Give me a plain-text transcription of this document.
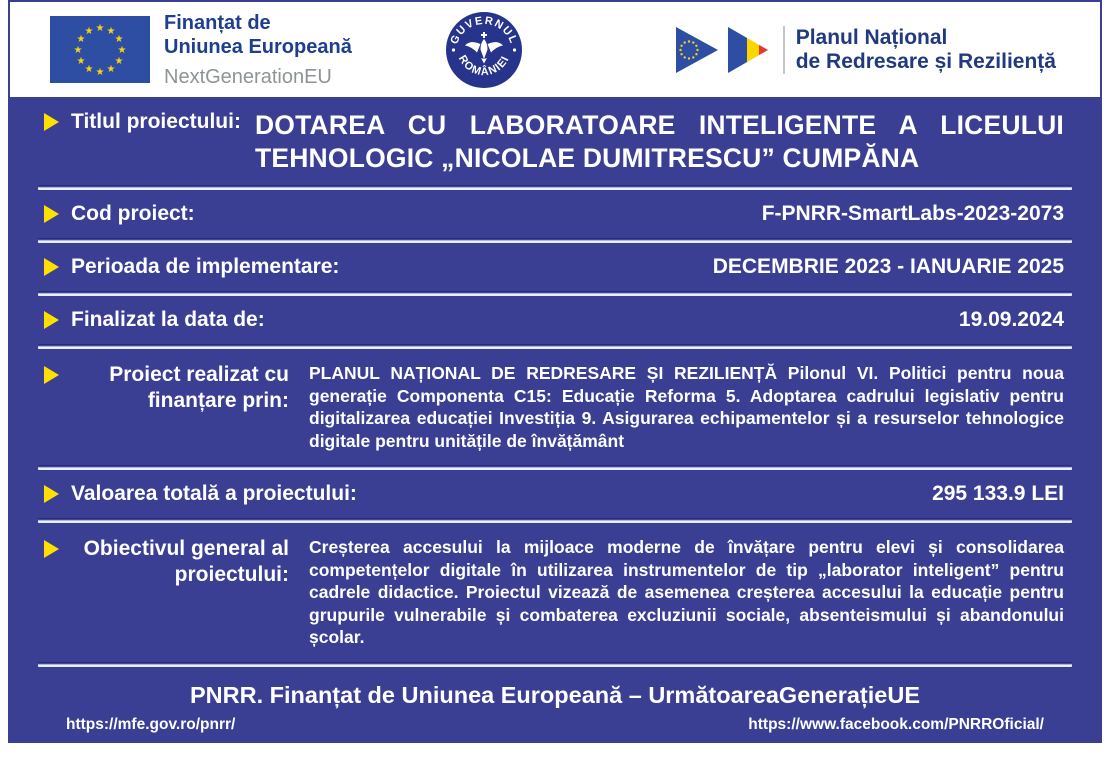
★ ★
★
★
★
★
★
★
★
★
★
★	Finanțat de
Uniunea Europeană
NextGenerationEU
GUVERNUL
ROMÂNIEI
Planul Național
de Redresare și Reziliență
Titlul proiectului: DOTAREA CU LABORATOARE INTELIGENTE A LICEULUI TEHNOLOGIC „NICOLAE DUMITRESCU” CUMPĂNA
Cod proiect:	F-PNRR-SmartLabs-2023-2073
Perioada de implementare:	DECEMBRIE 2023 - IANUARIE 2025
Finalizat la data de:	19.09.2024
Proiect realizat cu finanțare prin:
PLANUL NAȚIONAL DE REDRESARE ȘI REZILIENȚĂ Pilonul VI. Politici pentru noua generație Componenta C15: Educație Reforma 5. Adoptarea cadrului legislativ pentru digitalizarea educației Investiția 9. Asigurarea echipamentelor și a resurselor tehnologice digitale pentru unitățile de învățământ
Valoarea totală a proiectului:	295 133.9 LEI
Obiectivul general al proiectului:
Creșterea accesului la mijloace moderne de învățare pentru elevi și consolidarea competențelor digitale în utilizarea instrumentelor de tip „laborator inteligent” pentru cadrele didactice. Proiectul vizează de asemenea creșterea accesului la educație pentru grupurile vulnerabile și combaterea excluziunii sociale, absenteismului și abandonului școlar.
PNRR. Finanțat de Uniunea Europeană – UrmătoareaGenerațieUE
https://mfe.gov.ro/pnrr/	https://www.facebook.com/PNRROficial/
